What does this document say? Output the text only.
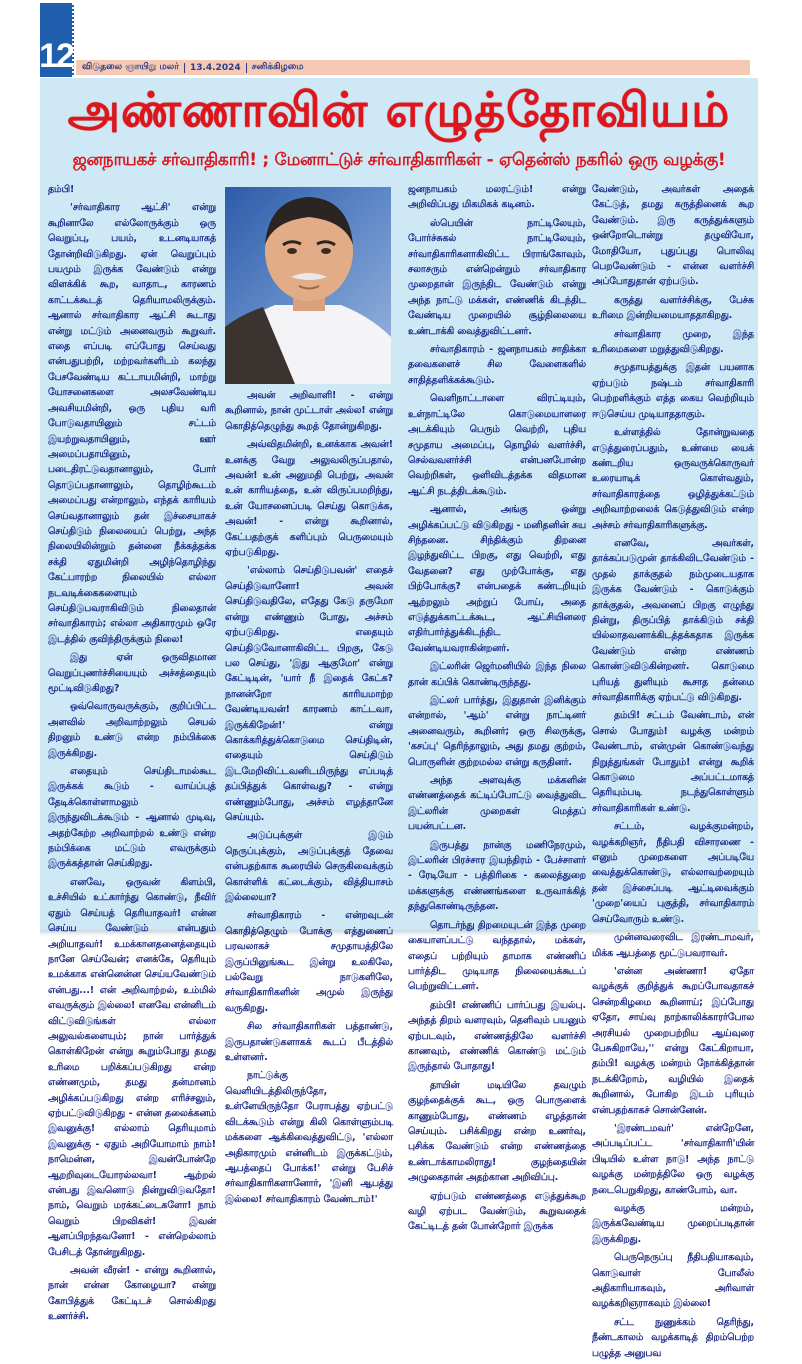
12 விடுதலை ஞாயிறு மலர் 13.4.2024 சனிக்கிழமை
அண்ணாவின் எழுத்தோவியம்
ஜனநாயகச் சர்வாதிகாரி! ; மேனாட்டுச் சர்வாதிகாரிகள் - ஏதென்ஸ் நகரில் ஒரு வழக்கு!

தம்பி!

'சர்வாதிகார ஆட்சி' என்று கூறினாலே எல்லோருக்கும் ஒரு வெறுப்பு, பயம், உடனடியாகத் தோன்றிவிடுகிறது. ஏன் வெறுப்பும் பயமும் இருக்க வேண்டும் என்று விளக்கிக் கூற, வாதாட, காரணம் காட்டக்கூடத் தெரியாமலிருக்கும். ஆனால் சர்வாதிகார ஆட்சி கூடாது என்று மட்டும் அனைவரும் கூறுவர். எதை எப்படி எப்போது செய்வது என்பதுபற்றி, மற்றவர்களிடம் கலந்து பேசவேண்டிய கட்டாயமின்றி, மாற்று யோசனைகளை அலசவேண்டிய அவசியமின்றி, ஒரு புதிய வரி போடுவதாயினும் சட்டம் இயற்றுவதாயினும், ஊர் அமைப்பதாயினும், படைதிரட்டுவதானாலும், போர் தொடுப்பதானாலும், தொழிற்கூடம் அமைப்பது என்றாலும், எந்தக் காரியம் செய்வதானாலும் தன் இச்சையாகச் செய்திடும் நிலையைப் பெற்று, அந்த நிலையிலின்றும் தன்னை நீக்கத்தக்க சக்தி ஏதுமின்றி அழிந்தொழிந்து கேட்பாரற்ற நிலையில் எல்லா நடவடிக்கைகளையும் செய்திடுபவராகிவிடும் நிலைதான் சர்வாதிகாரம்; எல்லா அதிகாரமும் ஒரே இடத்தில் குவிந்திருக்கும் நிலை!

இது ஏன் ஒருவிதமான வெறுப்புணர்ச்சியையும் அச்சத்தையும் மூட்டிவிடுகிறது?

ஒவ்வொருவருக்கும், குறிப்பிட்ட அளவில் அறிவாற்றலும் செயல் திறனும் உண்டு என்ற நம்பிக்கை இருக்கிறது.

எதையும் செய்திடாமல்கூட இருக்கக் கூடும் - வாய்ப்புத் தேடிக்கொள்ளாமலும் இருந்துவிடக்கூடும் - ஆனால் முடிவு, அதற்கேற்ற அறிவாற்றல் உண்டு என்ற நம்பிக்கை மட்டும் எவருக்கும் இருக்கத்தான் செய்கிறது.

எனவே, ஒருவன் கிளம்பி, உச்சியில் உட்கார்ந்து கொண்டு, நீவிர் ஏதும் செய்யத் தெரியாதவர்! என்ன செய்ய வேண்டும் என்பதும் அறியாதவர்! உமக்கானதனைத்தையும் நானே செய்வேன்; எனக்கே, தெரியும் உமக்காக என்னென்ன செய்யவேண்டும் என்பது...! என் அறிவாற்றல், உம்மில் எவருக்கும் இல்லை! எனவே என்னிடம் விட்டுவிடுங்கள் எல்லா அலுவல்களையும்; நான் பார்த்துக் கொள்கிறேன் என்று கூறும்போது தமது உரிமை பறிக்கப்படுகிறது என்ற எண்ணமும், தமது தன்மானம் அழிக்கப்படுகிறது என்ற எரிச்சலும், ஏற்பட்டுவிடுகிறது - என்ன தலைக்கனம் இவனுக்கு! எல்லாம் தெரியுமாம் இவனுக்கு - ஏதும் அறியோமாம் நாம்! நாமென்ன, இவன்போன்றே ஆறறிவுடையோரல்லவா! ஆற்றல் என்பது இவனொடு நின்றுவிடுவதோ! நாம், வெறும் மரக்கட்டைகளோ! நாம் வெறும் பிறவிகள்! இவன் ஆளப்பிறந்தவனோ! - என்றெல்லாம் பேசிடத் தோன்றுகிறது.

அவன் வீரன்! - என்று கூறினால், நான் என்ன கோழையா? என்று கோபித்துக் கேட்டிடச் சொல்கிறது உணர்ச்சி.

அவன் அறிவாளி! - என்று கூறினால், நான் முட்டாள் அல்ல! என்று கொதித்தெழுந்து கூறத் தோன்றுகிறது.

அவ்விதமின்றி, உனக்காக அவன்! உனக்கு வேறு அலுவலிருப்பதால், அவன்! உன் அனுமதி பெற்று, அவன் உன் காரியத்தை, உன் விருப்பமறிந்து, உன் யோசனைப்படி செய்து கொடுக்க, அவன்! - என்று கூறினால், கேட்பதற்குக் களிப்பும் பெருமையும் ஏற்படுகிறது.

'எல்லாம் செய்திடுபவன்' எதைச் செய்திடுவானோ! அவன் செய்திடுவதிலே, எதேது கேடு தருமோ என்று எண்ணும் போது, அச்சம் ஏற்படுகிறது. எதையும் செய்திடுவோனாகிவிட்ட பிறகு, கேடு பல செய்து, 'இது ஆகுமோ' என்று கேட்டிடின், 'யார் நீ இதைக் கேட்க? நானன்றோ காரியமாற்ற வேண்டியவன்! காரணம் காட்டவா, இருக்கிறேன்!' என்று கொக்கரித்துக்கொடுமை செய்திடின், எதையும் செய்திடும் இடமேறிவிட்டவனிடமிருந்து எப்படித் தப்பித்துக் கொள்வது? - என்று எண்ணும்போது, அச்சம் எழத்தானே செய்யும்.

அடுப்புக்குள் இடும் நெருப்புக்கும், அடுப்புக்குத் தேவை என்பதற்காக கூரையில் செருகிவைக்கும் கொள்ளிக் கட்டைக்கும், வித்தியாசம் இல்லையா?

சர்வாதிகாரம் - என்றவுடன் கொதித்தெழும் போக்கு எத்துணைப் பரவலாகச் சமுதாயத்திலே இருப்பினுங்கூட இன்று உலகிலே, பல்வேறு நாடுகளிலே, சர்வாதிகாரிகளின் அமுல் இருந்து வருகிறது.

சில சர்வாதிகாரிகள் பத்தாண்டு, இருபதாண்டுகளாகக் கூடப் பீடத்தில் உள்ளனர்.

நாட்டுக்கு வெளியிடத்திலிருந்தோ, உள்ளேயிருந்தோ பேராபத்து ஏற்பட்டு விடக்கூடும் என்று கிலி கொள்ளும்படி மக்களை ஆக்கிவைத்துவிட்டு, 'எல்லா அதிகாரமும் என்னிடம் இருக்கட்டும், ஆபத்தைப் போக்க!' என்று பேசிச் சர்வாதிகாரிகளானோர், 'இனி ஆபத்து இல்லை! சர்வாதிகாரம் வேண்டாம்!'

ஜனநாயகம் மலரட்டும்! என்று அறிவிப்பது மிகமிகக் கடினம்.

ஸ்பெயின் நாட்டிலேயும், போர்ச்சுகல் நாட்டிலேயும், சர்வாதிகாரிகளாகிவிட்ட பிராங்கோவும், சலாசரும் என்றென்றும் சர்வாதிகார முறைதான் இருந்திட வேண்டும் என்று அந்த நாட்டு மக்கள், எண்ணிக் கிடந்திட வேண்டிய முறையில் சூழ்நிலையை உண்டாக்கி வைத்துவிட்டனர்.

சர்வாதிகாரம் - ஜனநாயகம் சாதிக்கா தவைகளைச் சில வேளைகளில் சாதித்தளிக்கக்கூடும்.

வெளிநாட்டாளை விரட்டியும், உள்நாட்டிலே கொடுமையாளரை அடக்கியும் பெரும் வெற்றி, புதிய சமுதாய அமைப்பு, தொழில் வளர்ச்சி, செல்வவளர்ச்சி என்பனபோன்ற வெற்றிகள், ஒளிவிடத்தக்க விதமான ஆட்சி நடத்திடக்கூடும்.

ஆனால், அங்கு ஒன்று அழிக்கப்பட்டு விடுகிறது - மனிதனின் சுய சிந்தனை. சிந்திக்கும் திறனை இழந்துவிட்ட பிறகு, எது வெற்றி, எது வேதனை? எது முற்போக்கு, எது பிற்போக்கு? என்பதைக் கண்டறியும் ஆற்றலும் அற்றுப் போய், அதை எடுத்துக்காட்டக்கூட, ஆட்சியினரை எதிர்பார்த்துக்கிடந்திட வேண்டியவராகின்றனர்.

இட்லரின் ஜெர்மனியில் இந்த நிலை தான் கப்பிக் கொண்டிருந்தது.

இட்லர் பார்த்து, இதுதான் இனிக்கும் என்றால், 'ஆம்' என்று நாட்டினர் அனைவரும், கூறினர்; ஒரு சிலருக்கு, 'கசப்பு' தெரிந்தாலும், அது தமது குற்றம், பொருளின் குற்றமல்ல என்று கருதினர்.

அந்த அளவுக்கு மக்களின் எண்ணத்தைக் கட்டிப்போட்டு வைத்துவிட இட்லரின் முறைகள் மெத்தப் பயன்பட்டன.

இருபத்து நான்கு மணிநேரமும், இட்லரின் பிரச்சார இயந்திரம் - பேச்சாளர் - ரேடியோ - பத்திரிகை - கலைத்துறை மக்களுக்கு எண்ணங்களை உருவாக்கித் தந்துகொண்டிருந்தன.

தொடர்ந்து திறமையுடன் இந்த முறை கையாளப்பட்டு வந்ததால், மக்கள், எதைப் பற்றியும் தாமாக எண்ணிப் பார்த்திட முடியாத நிலையைக்கூடப் பெற்றுவிட்டனர்.

தம்பி! எண்ணிப் பார்ப்பது இயல்பு. அந்தத் திறம் வளரவும், தெளிவும் பயனும் ஏற்படவும், எண்ணத்திலே வளர்ச்சி காணவும், எண்ணிக் கொண்டு மட்டும் இருந்தால் போதாது!

தாயின் மடியிலே தவழும் குழந்தைக்குக் கூட, ஒரு பொருளைக் காணும்போது, எண்ணம் எழத்தான் செய்யும். பசிக்கிறது என்ற உணர்வு, புசிக்க வேண்டும் என்ற எண்ணத்தை உண்டாக்காமலிராது! குழந்தையின் அழுகைதான் அதற்கான அறிவிப்பு.

ஏற்படும் எண்ணத்தை எடுத்துக்கூற வழி ஏற்பட வேண்டும், கூறுவதைக் கேட்டிடத் தன் போன்றோர் இருக்க

வேண்டும், அவர்கள் அதைக் கேட்டுத், தமது கருத்தினைக் கூற வேண்டும். இரு கருத்துக்களும் ஒன்றோடொன்று தழுவியோ, மோதியோ, புதுப்புது பொலிவு பெறவேண்டும் - என்ன வளர்ச்சி அப்போதுதான் ஏற்படும்.

கருத்து வளர்ச்சிக்கு, பேச்சு உரிமை இன்றியமையாததாகிறது.

சர்வாதிகார முறை, இந்த உரிமைகளை மறுத்துவிடுகிறது.

சமுதாயத்துக்கு இதன் பயனாக ஏற்படும் நஷ்டம் சர்வாதிகாரி பெற்றளிக்கும் எத்த கைய வெற்றியும் ஈடுசெய்ய முடியாததாகும்.

உள்ளத்தில் தோன்றுவதை எடுத்துரைப்பதும், உண்மை யைக் கண்டறிய ஒருவருக்கொருவர் உரையாடிக் கொள்வதும், சர்வாதிகாரத்தை ஒழித்துக்கட்டும் அறிவாற்றலைக் கெடுத்துவிடும் என்ற அச்சம் சர்வாதிகாரிகளுக்கு.

எனவே, அவர்கள், தாக்கப்படுமுன் தாக்கிவிடவேண்டும் - முதல் தாக்குதல் நம்முடையதாக இருக்க வேண்டும் - கொடுக்கும் தாக்குதல், அவனைப் பிறகு எழுந்து நின்று, திருப்பித் தாக்கிடும் சக்தி யில்லாதவனாக்கிடத்தக்கதாக இருக்க வேண்டும் என்ற எண்ணம் கொண்டுவிடுகின்றனர். கொடுமை புரியத் துளியும் கூசாத தன்மை சர்வாதிகாரிக்கு ஏற்பட்டு விடுகிறது.

தம்பி! சட்டம் வேண்டாம், என் சொல் போதும்! வழக்கு மன்றம் வேண்டாம், என்முன் கொண்டுவந்து நிறுத்துங்கள் போதும்! என்று கூறிக் கொடுமை அப்பட்டமாகத் தெரியும்படி நடந்துகொள்ளும் சர்வாதிகாரிகள் உண்டு.

சட்டம், வழக்குமன்றம், வழக்கறிஞர், நீதிபதி விசாரணை - எனும் முறைகளை அப்படியே வைத்துக்கொண்டு, எல்லாவற்றையும் தன் இச்சைப்படி ஆட்டிவைக்கும் 'முறை'யைப் புகுத்தி, சர்வாதிகாரம் செய்வோரும் உண்டு.

முன்னவரைவிட இரண்டாமவர், மிக்க ஆபத்தை மூட்டுபவராவர்.

'என்ன அண்ணா! ஏதோ வழக்குக் குறித்துக் கூறப்போவதாகச் சென்றகிழமை கூறினாய்; இப்போது ஏதோ, சாய்வு நாற்காலிக்காரர்போல அரசியல் முறைபற்றிய ஆய்வுரை பேசுகிறாயே,'' என்று கேட்கிறாயா, தம்பி! வழக்கு மன்றம் நோக்கித்தான் நடக்கிறோம், வழியில் இதைக் கூறினால், போகிற இடம் புரியும் என்பதற்காகச் சொன்னேன்.

'இரண்டமவர்' என்றேனே, அப்படிப்பட்ட 'சர்வாதிகாரி'யின் பிடியில் உள்ள நாடு! அந்த நாட்டு வழக்கு மன்றத்திலே ஒரு வழக்கு நடைபெறுகிறது, காண்போம், வா.

வழக்கு மன்றம், இருக்கவேண்டிய முறைப்படிதான் இருக்கிறது.

பெருநெருப்பு நீதிபதியாகவும், கொடுவாள் போலீஸ் அதிகாரியாகவும், அரிவாள் வழக்கறிஞராகவும் இல்லை!

சட்ட நுணுக்கம் தெரிந்து, நீண்டகாலம் வழக்காடித் திறம்பெற்ற பழுத்த அனுபவ
